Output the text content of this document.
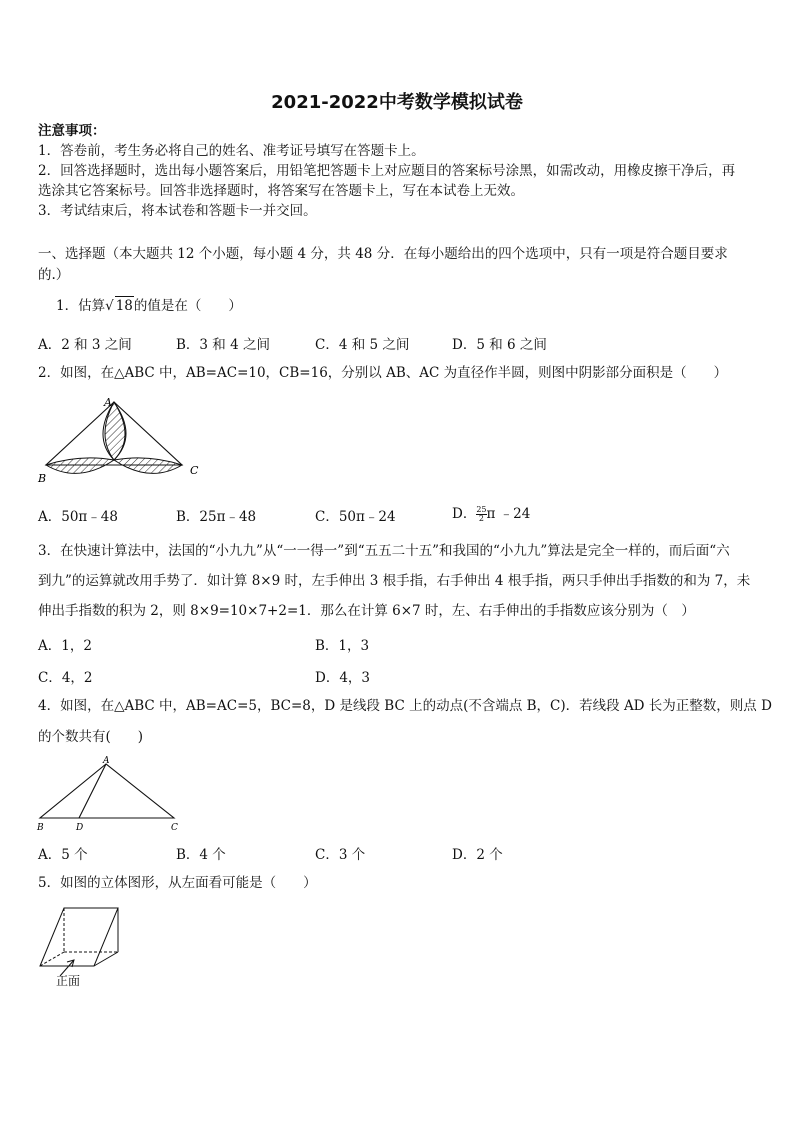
2021-2022中考数学模拟试卷
注意事项：
1．答卷前，考生务必将自己的姓名、准考证号填写在答题卡上。
2．回答选择题时，选出每小题答案后，用铅笔把答题卡上对应题目的答案标号涂黑，如需改动，用橡皮擦干净后，再
选涂其它答案标号。回答非选择题时，将答案写在答题卡上，写在本试卷上无效。
3．考试结束后，将本试卷和答题卡一并交回。
一、选择题（本大题共 12 个小题，每小题 4 分，共 48 分．在每小题给出的四个选项中，只有一项是符合题目要求
的.）
1．估算√ 18的值是在（　　）
A．2 和 3 之间	B．3 和 4 之间	C．4 和 5 之间	D．5 和 6 之间
2．如图，在△ABC 中，AB=AC=10，CB=16，分别以 AB、AC 为直径作半圆，则图中阴影部分面积是（　　）
A
B
C
A．50π﹣48	B．25π﹣48	C．50π﹣24	D． $\frac{25}{2}$ π ﹣24
3．在快速计算法中，法国的“小九九”从“一一得一”到“五五二十五”和我国的“小九九”算法是完全一样的，而后面“六
到九”的运算就改用手势了．如计算 8×9 时，左手伸出 3 根手指，右手伸出 4 根手指，两只手伸出手指数的和为 7，未
伸出手指数的积为 2，则 8×9=10×7+2=1．那么在计算 6×7 时，左、右手伸出的手指数应该分别为（　）
A．1，2	B．1，3
C．4，2	D．4，3
4．如图，在△ABC 中，AB=AC=5，BC=8，D 是线段 BC 上的动点(不含端点 B，C)．若线段 AD 长为正整数，则点 D
的个数共有(　　)
A
B	D	C
A．5 个	B．4 个	C．3 个	D．2 个
5．如图的立体图形，从左面看可能是（　　）
正面
